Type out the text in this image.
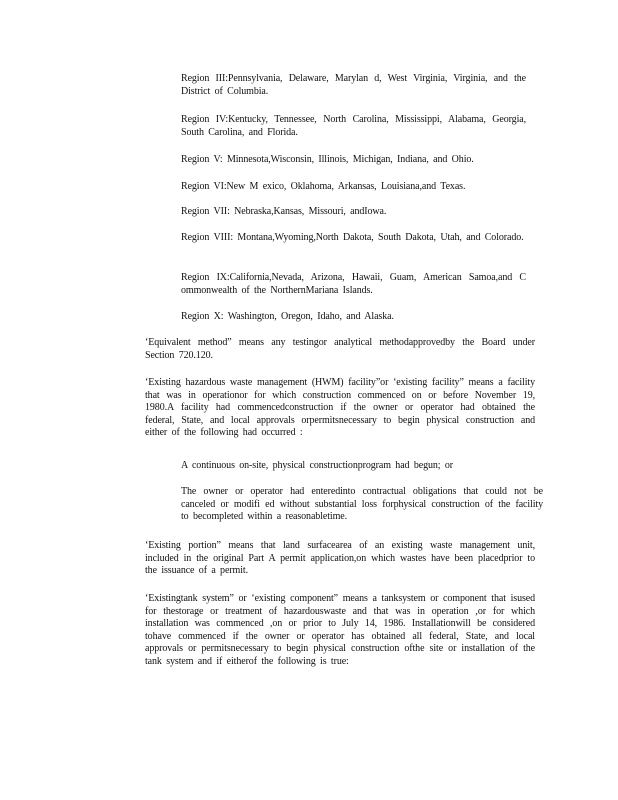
Region III:Pennsylvania, Delaware, Marylan d, West Virginia, Virginia, and the District of Columbia.
Region IV:Kentucky, Tennessee, North Carolina, Mississippi, Alabama, Georgia, South Carolina, and Florida.
Region V: Minnesota,Wisconsin, Illinois, Michigan, Indiana, and Ohio.
Region VI:New M exico, Oklahoma, Arkansas, Louisiana,and Texas.
Region VII: Nebraska,Kansas, Missouri, andIowa.
Region VIII: Montana,Wyoming,North Dakota, South Dakota, Utah, and Colorado.
Region IX:California,Nevada, Arizona, Hawaii, Guam, American Samoa,and C ommonwealth of the NorthernMariana Islands.
Region X: Washington, Oregon, Idaho, and Alaska.
‘Equivalent method” means any testingor analytical methodapprovedby the Board under Section 720.120.
‘Existing hazardous waste management (HWM) facility”or ‘existing facility” means a facility that was in operationor for which construction commenced on or before November 19, 1980.A facility had commencedconstruction if the owner or operator had obtained the federal, State, and local approvals orpermitsnecessary to begin physical construction and either of the following had occurred :
A continuous on-site, physical constructionprogram had begun; or
The owner or operator had enteredinto contractual obligations that could not be canceled or modifi ed without substantial loss forphysical construction of the facility to becompleted within a reasonabletime.
‘Existing portion” means that land surfacearea of an existing waste management unit, included in the original Part A permit application,on which wastes have been placedprior to the issuance of a permit.
‘Existingtank system” or ‘existing component” means a tanksystem or component that isused for thestorage or treatment of hazardouswaste and that was in operation ,or for which installation was commenced ,on or prior to July 14, 1986. Installationwill be considered tohave commenced if the owner or operator has obtained all federal, State, and local approvals or permitsnecessary to begin physical construction ofthe site or installation of the tank system and if eitherof the following is true:
